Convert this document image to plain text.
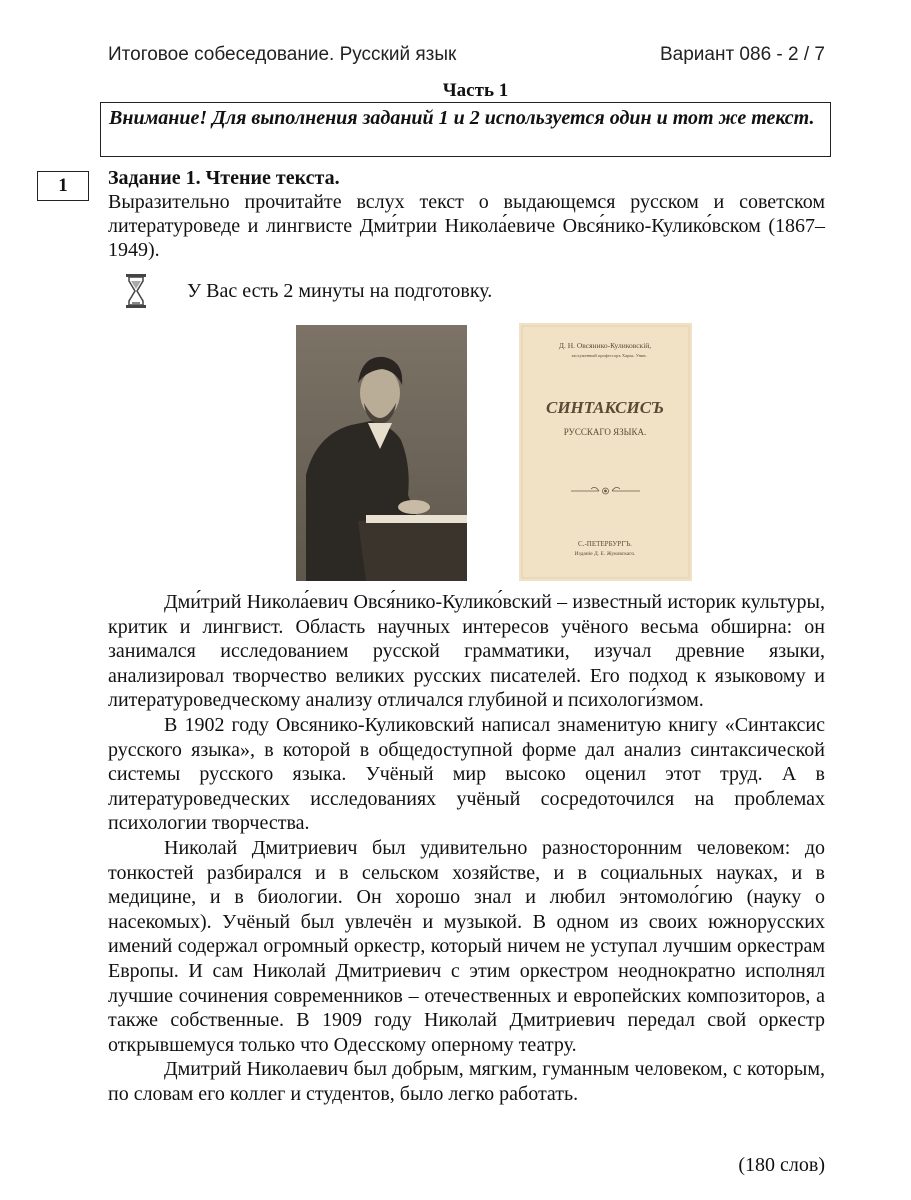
Итоговое собеседование. Русский язык	Вариант 086 - 2 / 7
Часть 1
Внимание! Для выполнения заданий 1 и 2 используется один и тот же текст.
1	Задание 1. Чтение текста.
Выразительно прочитайте вслух текст о выдающемся русском и советском литературоведе и лингвисте Дми́трии Никола́евиче Овся́нико-Кулико́вском (1867–1949).
У Вас есть 2 минуты на подготовку.
Д. Н. Овсянико-Куликовскій,
заслуженный профессоръ Харьк. Унив.
СИНТАКСИСЪ
РУССКАГО ЯЗЫКА.
С.-ПЕТЕРБУРГЪ.
Изданіе Д. Е. Жуковскаго.

Дми́трий Никола́евич Овся́нико-Кулико́вский – известный историк культуры, критик и лингвист. Область научных интересов учёного весьма обширна: он занимался исследованием русской грамматики, изучал древние языки, анализировал творчество великих русских писателей. Его подход к языковому и литературоведческому анализу отличался глубиной и психологи́змом.

В 1902 году Овсянико-Куликовский написал знаменитую книгу «Синтаксис русского языка», в которой в общедоступной форме дал анализ синтаксической системы русского языка. Учёный мир высоко оценил этот труд. А в литературоведческих исследованиях учёный сосредоточился на проблемах психологии творчества.

Николай Дмитриевич был удивительно разносторонним человеком: до тонкостей разбирался и в сельском хозяйстве, и в социальных науках, и в медицине, и в биологии. Он хорошо знал и любил энтомоло́гию (науку о насекомых). Учёный был увлечён и музыкой. В одном из своих южнорусских имений содержал огромный оркестр, который ничем не уступал лучшим оркестрам Европы. И сам Николай Дмитриевич с этим оркестром неоднократно исполнял лучшие сочинения современников – отечественных и европейских композиторов, а также собственные. В 1909 году Николай Дмитриевич передал свой оркестр открывшемуся только что Одесскому оперному театру.

Дмитрий Николаевич был добрым, мягким, гуманным человеком, с которым, по словам его коллег и студентов, было легко работать.

(180 слов)
